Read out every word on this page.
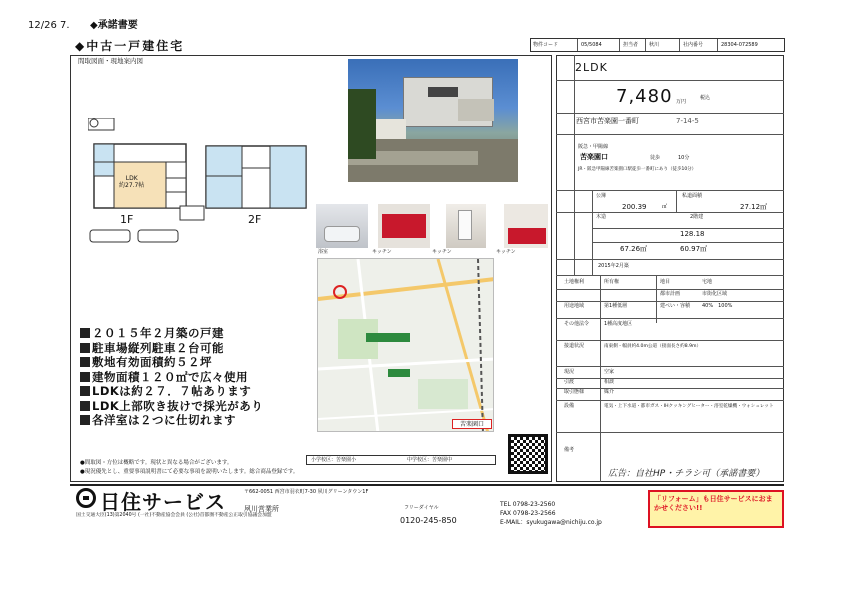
12/26 7. ◆承諾書要
◆中古一戸建住宅	物件コード	05/5084	担当者 秋川	社内番号	28304-072589
間取図面・現地案内図
LDK
約27.7帖
1F	2F
浴室	キッチン	キッチン	キッチン
苦楽園口
２０１５年２月築の戸建
駐車場縦列駐車２台可能
敷地有効面積約５２坪
建物面積１２０㎡で広々使用
LDKは約２７．７帖あります
LDK上部吹き抜けで採光があり
各洋室は２つに仕切れます
●間取図・方位は概略です。現状と異なる場合がございます。
●現況優先とし、重要事項説明書にて必要な事項を説明いたします。総合商品登録です。
小学校区：苦楽園小	中学校区：苦楽園中
2LDK
7,480 万円
税込
西宮市苦楽園一番町	7-14-5
阪急・甲陽線
苦楽園口	徒歩	10分
JR・阪急甲陽線苦楽園口駅徒歩一番町にあり（徒歩10分）
公簿
200.39	㎡
私道面積
27.12㎡
木造	2階建
128.18
67.26㎡	60.97㎡
2015年2月築
土地権利	所有権	地目	宅地
都市計画	市街化区域
用途地域	第1種低層	建ぺい・容積 40%　100%
その他法令	1種高度地区
接道状況	南東側・幅員約4.0m公道（接面長さ約8.9m）
現況	空家
引渡	相談
取引態様	媒介
設備	電気・上下水道・都市ガス・IHクッキングヒーター・浴室乾燥機・ウォシュレット
備考
広告：自社HP・チラシ可（承諾書要）
日住サービス
国土交通大臣(13)第2040号 (一社)不動産協会会員 (公社)首都圏不動産公正取引協議会加盟
夙川営業所
〒662-0051 西宮市羽衣町7-30 夙川グリーンタウン1F
フリーダイヤル
0120-245-850
TEL 0798-23-2560
FAX 0798-23-2566
E-MAIL：syukugawa@nichiju.co.jp
「リフォーム」も日住サービスにおまかせください!!
